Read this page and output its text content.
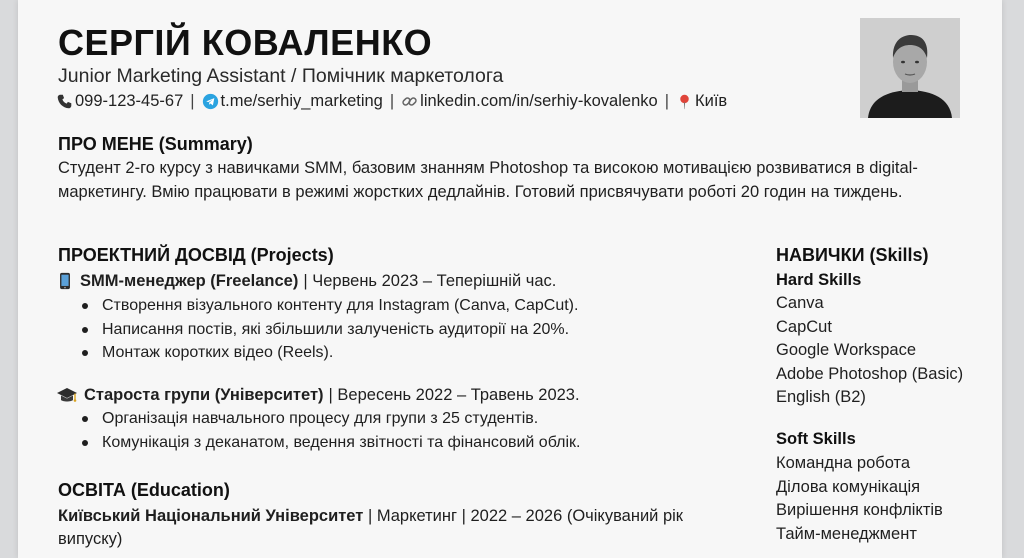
СЕРГІЙ КОВАЛЕНКО
Junior Marketing Assistant / Помічник маркетолога
099-123-45-67 | t.me/serhiy_marketing | linkedin.com/in/serhiy-kovalenko | Київ
ПРО МЕНЕ (Summary)
Студент 2-го курсу з навичками SMM, базовим знанням Photoshop та високою мотивацією розвиватися в digital-маркетингу. Вмію працювати в режимі жорстких дедлайнів. Готовий присвячувати роботі 20 годин на тиждень.
ПРОЕКТНИЙ ДОСВІД (Projects)
SMM-менеджер (Freelance) | Червень 2023 – Теперішній час.
Створення візуального контенту для Instagram (Canva, CapCut).
Написання постів, які збільшили залученість аудиторії на 20%.
Монтаж коротких відео (Reels).
Староста групи (Університет) | Вересень 2022 – Травень 2023.
Організація навчального процесу для групи з 25 студентів.
Комунікація з деканатом, ведення звітності та фінансовий облік.
ОСВІТА (Education)
Київський Національний Університет | Маркетинг | 2022 – 2026 (Очікуваний рік випуску)
НАВИЧКИ (Skills)
Hard Skills
Canva
CapCut
Google Workspace
Adobe Photoshop (Basic)
English (B2)
Soft Skills
Командна робота
Ділова комунікація
Вирішення конфліктів
Тайм-менеджмент
